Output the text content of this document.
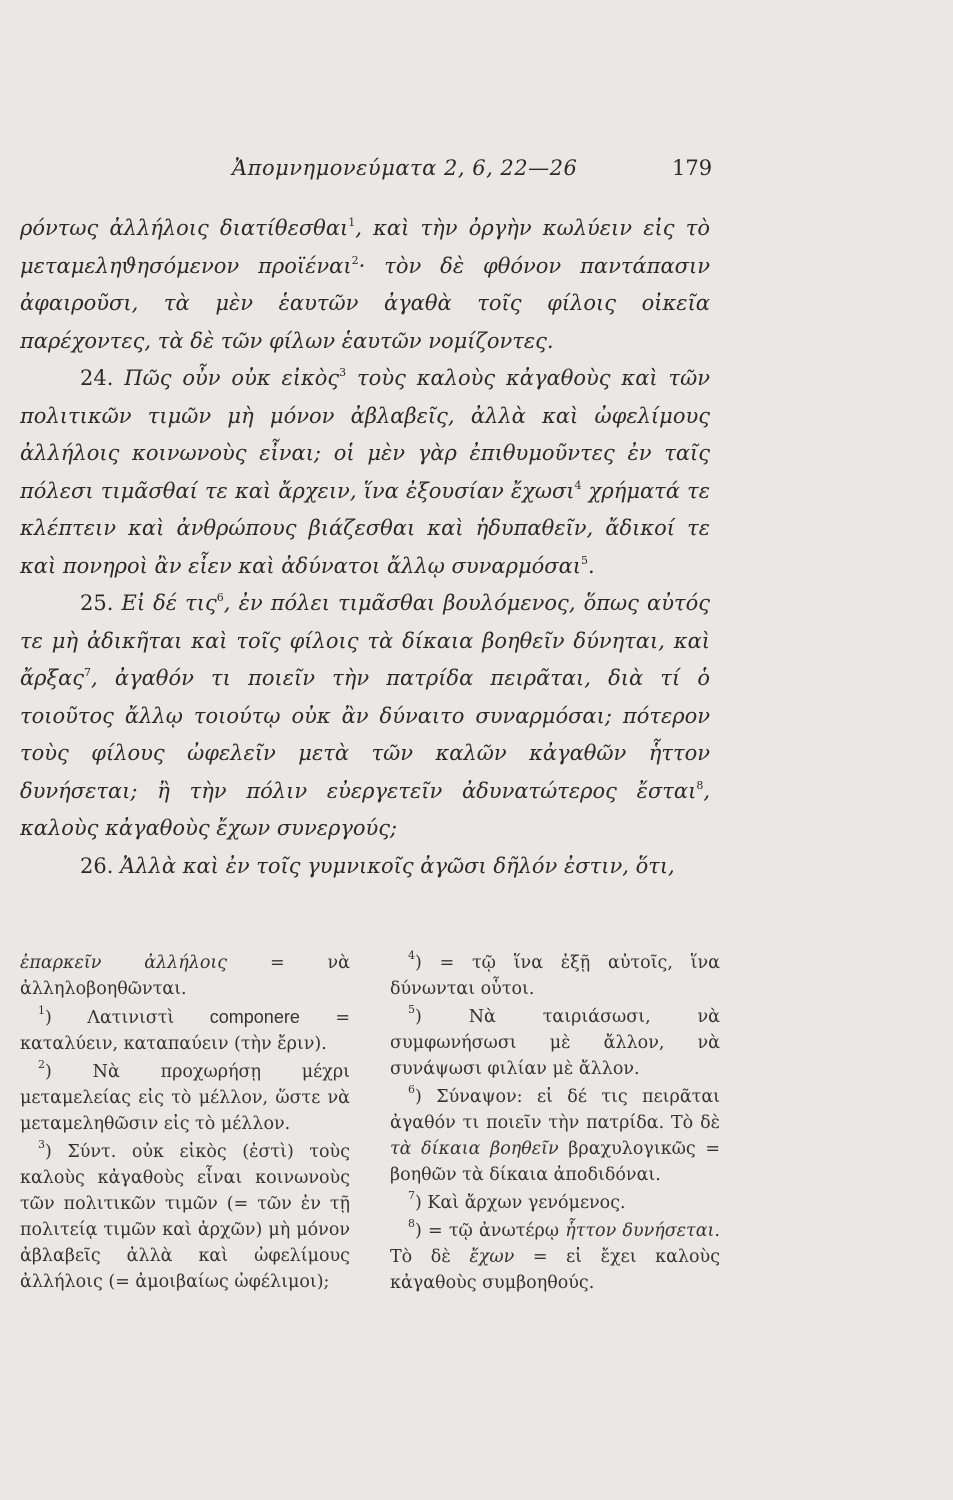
Ἀπομνημονεύματα 2, 6, 22—26	179

ρόντως ἀλλήλοις διατίθεσθαι$^1$, καὶ τὴν ὀργὴν κωλύειν εἰς τὸ μεταμεληϑησόμενον προϊέναι$^2$· τὸν δὲ φθόνον παντάπασιν ἀφαιροῦσι, τὰ μὲν ἑαυτῶν ἀγαθὰ τοῖς φίλοις οἰκεῖα παρέχοντες, τὰ δὲ τῶν φίλων ἑαυτῶν νομίζοντες.

24. Πῶς οὖν οὐκ εἰκὸς$^3$ τοὺς καλοὺς κἀγαθοὺς καὶ τῶν πολιτικῶν τιμῶν μὴ μόνον ἀβλαβεῖς, ἀλλὰ καὶ ὠφελίμους ἀλλήλοις κοινωνοὺς εἶναι; οἱ μὲν γὰρ ἐπιθυμοῦντες ἐν ταῖς πόλεσι τιμᾶσθαί τε καὶ ἄρχειν, ἵνα ἐξουσίαν ἔχωσι$^4$ χρήματά τε κλέπτειν καὶ ἀνθρώπους βιάζεσθαι καὶ ἡδυπαθεῖν, ἄδικοί τε καὶ πονηροὶ ἂν εἶεν καὶ ἀδύνατοι ἄλλῳ συναρμόσαι$^5$.

25. Εἰ δέ τις$^6$, ἐν πόλει τιμᾶσθαι βουλόμενος, ὅπως αὐτός τε μὴ ἀδικῆται καὶ τοῖς φίλοις τὰ δίκαια βοηθεῖν δύνηται, καὶ ἄρξας$^7$, ἀγαθόν τι ποιεῖν τὴν πατρίδα πειρᾶται, διὰ τί ὁ τοιοῦτος ἄλλῳ τοιούτῳ οὐκ ἂν δύναιτο συναρμόσαι; πότερον τοὺς φίλους ὠφελεῖν μετὰ τῶν καλῶν κἀγαθῶν ἧττον δυνήσεται; ἢ τὴν πόλιν εὐεργετεῖν ἀδυνατώτερος ἔσται$^8$, καλοὺς κἀγαθοὺς ἔχων συνεργούς;

26. Ἀλλὰ καὶ ἐν τοῖς γυμνικοῖς ἀγῶσι δῆλόν ἐστιν, ὅτι,

ἐπαρκεῖν ἀλλήλοις = νὰ ἀλληλοβοηθῶνται.

$^1$) Λατινιστὶ componere = καταλύειν, καταπαύειν (τὴν ἔριν).

$^2$) Νὰ προχωρήσῃ μέχρι μεταμελείας εἰς τὸ μέλλον, ὥστε νὰ μεταμεληθῶσιν εἰς τὸ μέλλον.

$^3$) Σύντ. οὐκ εἰκὸς (ἐστὶ) τοὺς καλοὺς κἀγαθοὺς εἶναι κοινωνοὺς τῶν πολιτικῶν τιμῶν (= τῶν ἐν τῇ πολιτείᾳ τιμῶν καὶ ἀρχῶν) μὴ μόνον ἀβλαβεῖς ἀλλὰ καὶ ὠφελίμους ἀλλήλοις (= ἀμοιβαίως ὠφέλιμοι);

$^4$) = τῷ ἵνα ἐξῇ αὐτοῖς, ἵνα δύνωνται οὗτοι.

$^5$) Νὰ ταιριάσωσι, νὰ συμφωνήσωσι μὲ ἄλλον, νὰ συνάψωσι φιλίαν μὲ ἄλλον.

$^6$) Σύναψον: εἰ δέ τις πειρᾶται ἀγαθόν τι ποιεῖν τὴν πατρίδα. Τὸ δὲ τὰ δίκαια βοηθεῖν βραχυλογικῶς = βοηθῶν τὰ δίκαια ἀποδιδόναι.

$^7$) Καὶ ἄρχων γενόμενος.

$^8$) = τῷ ἀνωτέρῳ ἧττον δυνήσεται. Τὸ δὲ ἔχων = εἰ ἔχει καλοὺς κἀγαθοὺς συμβοηθούς.
